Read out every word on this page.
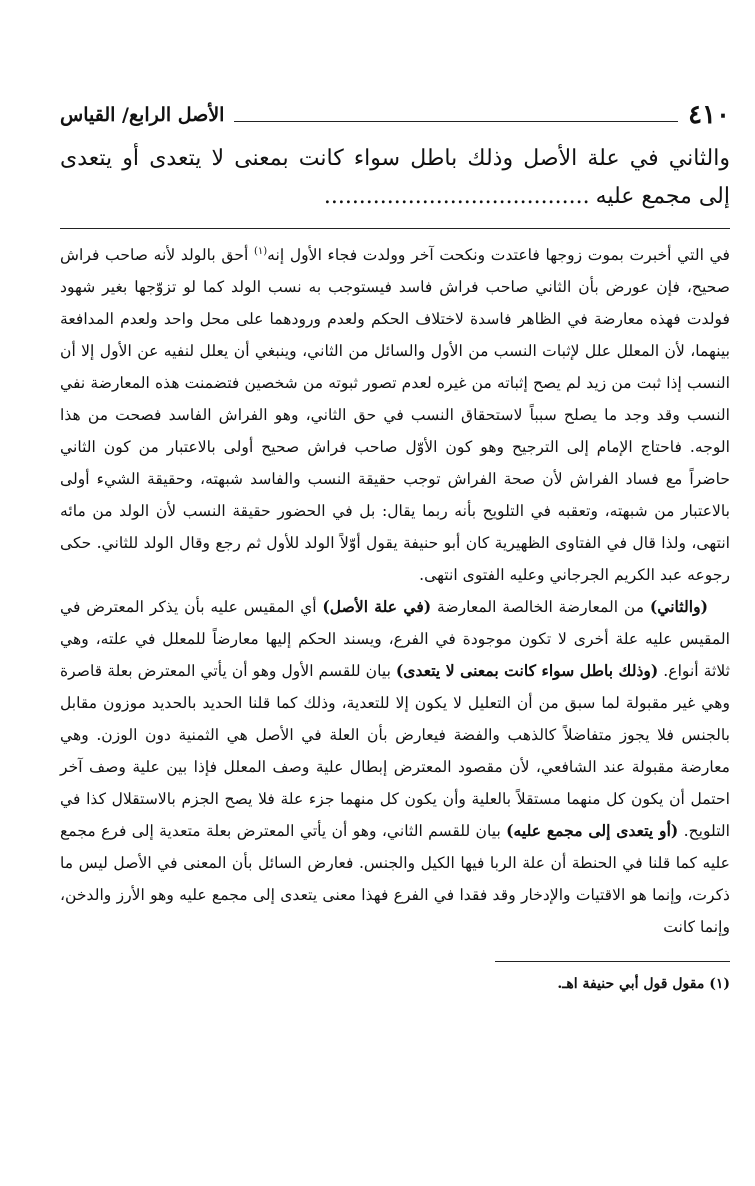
٤١٠
الأصل الرابع/ القياس
والثاني في علة الأصل وذلك باطل سواء كانت بمعنى لا يتعدى أو يتعدى إلى مجمع عليه......................................

في التي أخبرت بموت زوجها فاعتدت ونكحت آخر وولدت فجاء الأول إنه$^{(١)}$ أحق بالولد لأنه صاحب فراش صحيح، فإن عورض بأن الثاني صاحب فراش فاسد فيستوجب به نسب الولد كما لو تزوّجها بغير شهود فولدت فهذه معارضة في الظاهر فاسدة لاختلاف الحكم ولعدم ورودهما على محل واحد ولعدم المدافعة بينهما، لأن المعلل علل لإثبات النسب من الأول والسائل من الثاني، وينبغي أن يعلل لنفيه عن الأول إلا أن النسب إذا ثبت من زيد لم يصح إثباته من غيره لعدم تصور ثبوته من شخصين فتضمنت هذه المعارضة نفي النسب وقد وجد ما يصلح سبباً لاستحقاق النسب في حق الثاني، وهو الفراش الفاسد فصحت من هذا الوجه. فاحتاج الإمام إلى الترجيح وهو كون الأوّل صاحب فراش صحيح أولى بالاعتبار من كون الثاني حاضراً مع فساد الفراش لأن صحة الفراش توجب حقيقة النسب والفاسد شبهته، وحقيقة الشيء أولى بالاعتبار من شبهته، وتعقبه في التلويح بأنه ربما يقال: بل في الحضور حقيقة النسب لأن الولد من مائه انتهى، ولذا قال في الفتاوى الظهيرية كان أبو حنيفة يقول أوّلاً الولد للأول ثم رجع وقال الولد للثاني. حكى رجوعه عبد الكريم الجرجاني وعليه الفتوى انتهى.

(والثاني) من المعارضة الخالصة المعارضة (في علة الأصل) أي المقيس عليه بأن يذكر المعترض في المقيس عليه علة أخرى لا تكون موجودة في الفرع، ويسند الحكم إليها معارضاً للمعلل في علته، وهي ثلاثة أنواع. (وذلك باطل سواء كانت بمعنى لا يتعدى) بيان للقسم الأول وهو أن يأتي المعترض بعلة قاصرة وهي غير مقبولة لما سبق من أن التعليل لا يكون إلا للتعدية، وذلك كما قلنا الحديد بالحديد موزون مقابل بالجنس فلا يجوز متفاضلاً كالذهب والفضة فيعارض بأن العلة في الأصل هي الثمنية دون الوزن. وهي معارضة مقبولة عند الشافعي، لأن مقصود المعترض إبطال علية وصف المعلل فإذا بين علية وصف آخر احتمل أن يكون كل منهما مستقلاً بالعلية وأن يكون كل منهما جزء علة فلا يصح الجزم بالاستقلال كذا في التلويح. (أو يتعدى إلى مجمع عليه) بيان للقسم الثاني، وهو أن يأتي المعترض بعلة متعدية إلى فرع مجمع عليه كما قلنا في الحنطة أن علة الربا فيها الكيل والجنس. فعارض السائل بأن المعنى في الأصل ليس ما ذكرت، وإنما هو الاقتيات والإدخار وقد فقدا في الفرع فهذا معنى يتعدى إلى مجمع عليه وهو الأرز والدخن، وإنما كانت

(١) مقول قول أبي حنيفة اهـ.
